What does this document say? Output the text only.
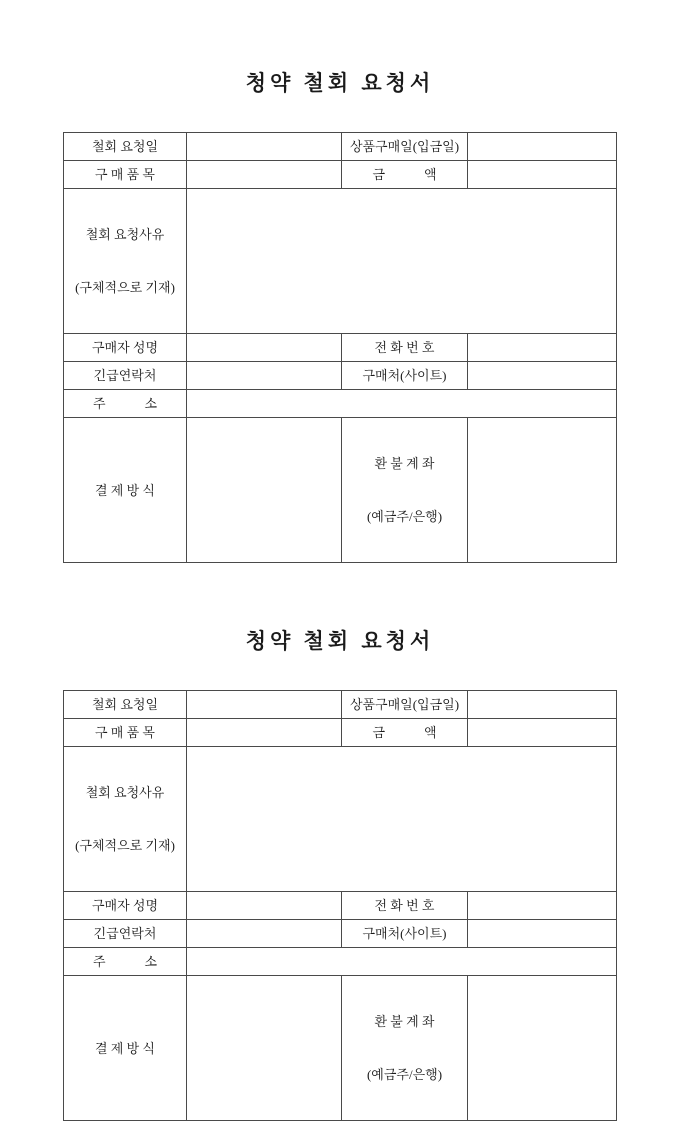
청약 철회 요청서
철회 요청일		상품구매일(입금일)	
구 매 품 목		금　　　액	

철회 요청사유

(구체적으로 기재)			

구매자 성명		전 화 번 호	
긴급연락처		구매처(사이트)	
주　　　소			
결 제 방 식		환 불 계 좌

(예금주/은행)	

청약 철회 요청서
철회 요청일		상품구매일(입금일)	
구 매 품 목		금　　　액	

철회 요청사유

(구체적으로 기재)			

구매자 성명		전 화 번 호	
긴급연락처		구매처(사이트)	
주　　　소			
결 제 방 식		환 불 계 좌

(예금주/은행)	
